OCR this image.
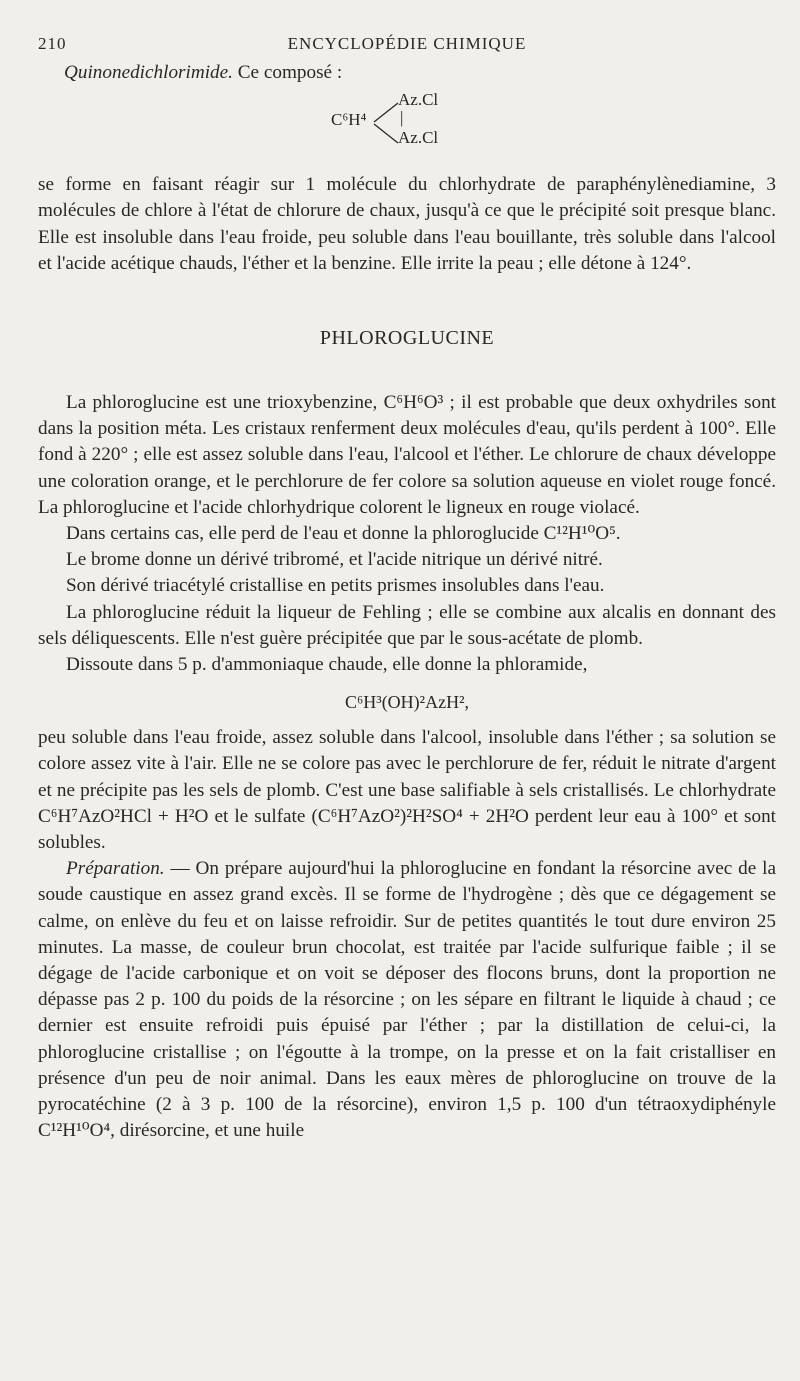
210	ENCYCLOPÉDIE CHIMIQUE

Quinonedichlorimide. Ce composé :

C⁶H⁴
Az.Cl
|
Az.Cl

se forme en faisant réagir sur 1 molécule du chlorhydrate de paraphénylènediamine, 3 molécules de chlore à l'état de chlorure de chaux, jusqu'à ce que le précipité soit presque blanc. Elle est insoluble dans l'eau froide, peu soluble dans l'eau bouillante, très soluble dans l'alcool et l'acide acétique chauds, l'éther et la benzine. Elle irrite la peau ; elle détone à 124°.

PHLOROGLUCINE

La phloroglucine est une trioxybenzine, C⁶H⁶O³ ; il est probable que deux oxhydriles sont dans la position méta. Les cristaux renferment deux molécules d'eau, qu'ils perdent à 100°. Elle fond à 220° ; elle est assez soluble dans l'eau, l'alcool et l'éther. Le chlorure de chaux développe une coloration orange, et le perchlorure de fer colore sa solution aqueuse en violet rouge foncé. La phloroglucine et l'acide chlorhydrique colorent le ligneux en rouge violacé.

Dans certains cas, elle perd de l'eau et donne la phloroglucide C¹²H¹⁰O⁵.

Le brome donne un dérivé tribromé, et l'acide nitrique un dérivé nitré.

Son dérivé triacétylé cristallise en petits prismes insolubles dans l'eau.

La phloroglucine réduit la liqueur de Fehling ; elle se combine aux alcalis en donnant des sels déliquescents. Elle n'est guère précipitée que par le sous-acétate de plomb.

Dissoute dans 5 p. d'ammoniaque chaude, elle donne la phloramide,

C⁶H³(OH)²AzH²,

peu soluble dans l'eau froide, assez soluble dans l'alcool, insoluble dans l'éther ; sa solution se colore assez vite à l'air. Elle ne se colore pas avec le perchlorure de fer, réduit le nitrate d'argent et ne précipite pas les sels de plomb. C'est une base salifiable à sels cristallisés. Le chlorhydrate C⁶H⁷AzO²HCl + H²O et le sulfate (C⁶H⁷AzO²)²H²SO⁴ + 2H²O perdent leur eau à 100° et sont solubles.

Préparation. — On prépare aujourd'hui la phloroglucine en fondant la résorcine avec de la soude caustique en assez grand excès. Il se forme de l'hydrogène ; dès que ce dégagement se calme, on enlève du feu et on laisse refroidir. Sur de petites quantités le tout dure environ 25 minutes. La masse, de couleur brun chocolat, est traitée par l'acide sulfurique faible ; il se dégage de l'acide carbonique et on voit se déposer des flocons bruns, dont la proportion ne dépasse pas 2 p. 100 du poids de la résorcine ; on les sépare en filtrant le liquide à chaud ; ce dernier est ensuite refroidi puis épuisé par l'éther ; par la distillation de celui-ci, la phloroglucine cristallise ; on l'égoutte à la trompe, on la presse et on la fait cristalliser en présence d'un peu de noir animal. Dans les eaux mères de phloroglucine on trouve de la pyrocatéchine (2 à 3 p. 100 de la résorcine), environ 1,5 p. 100 d'un tétraoxydiphényle C¹²H¹⁰O⁴, dirésorcine, et une huile
